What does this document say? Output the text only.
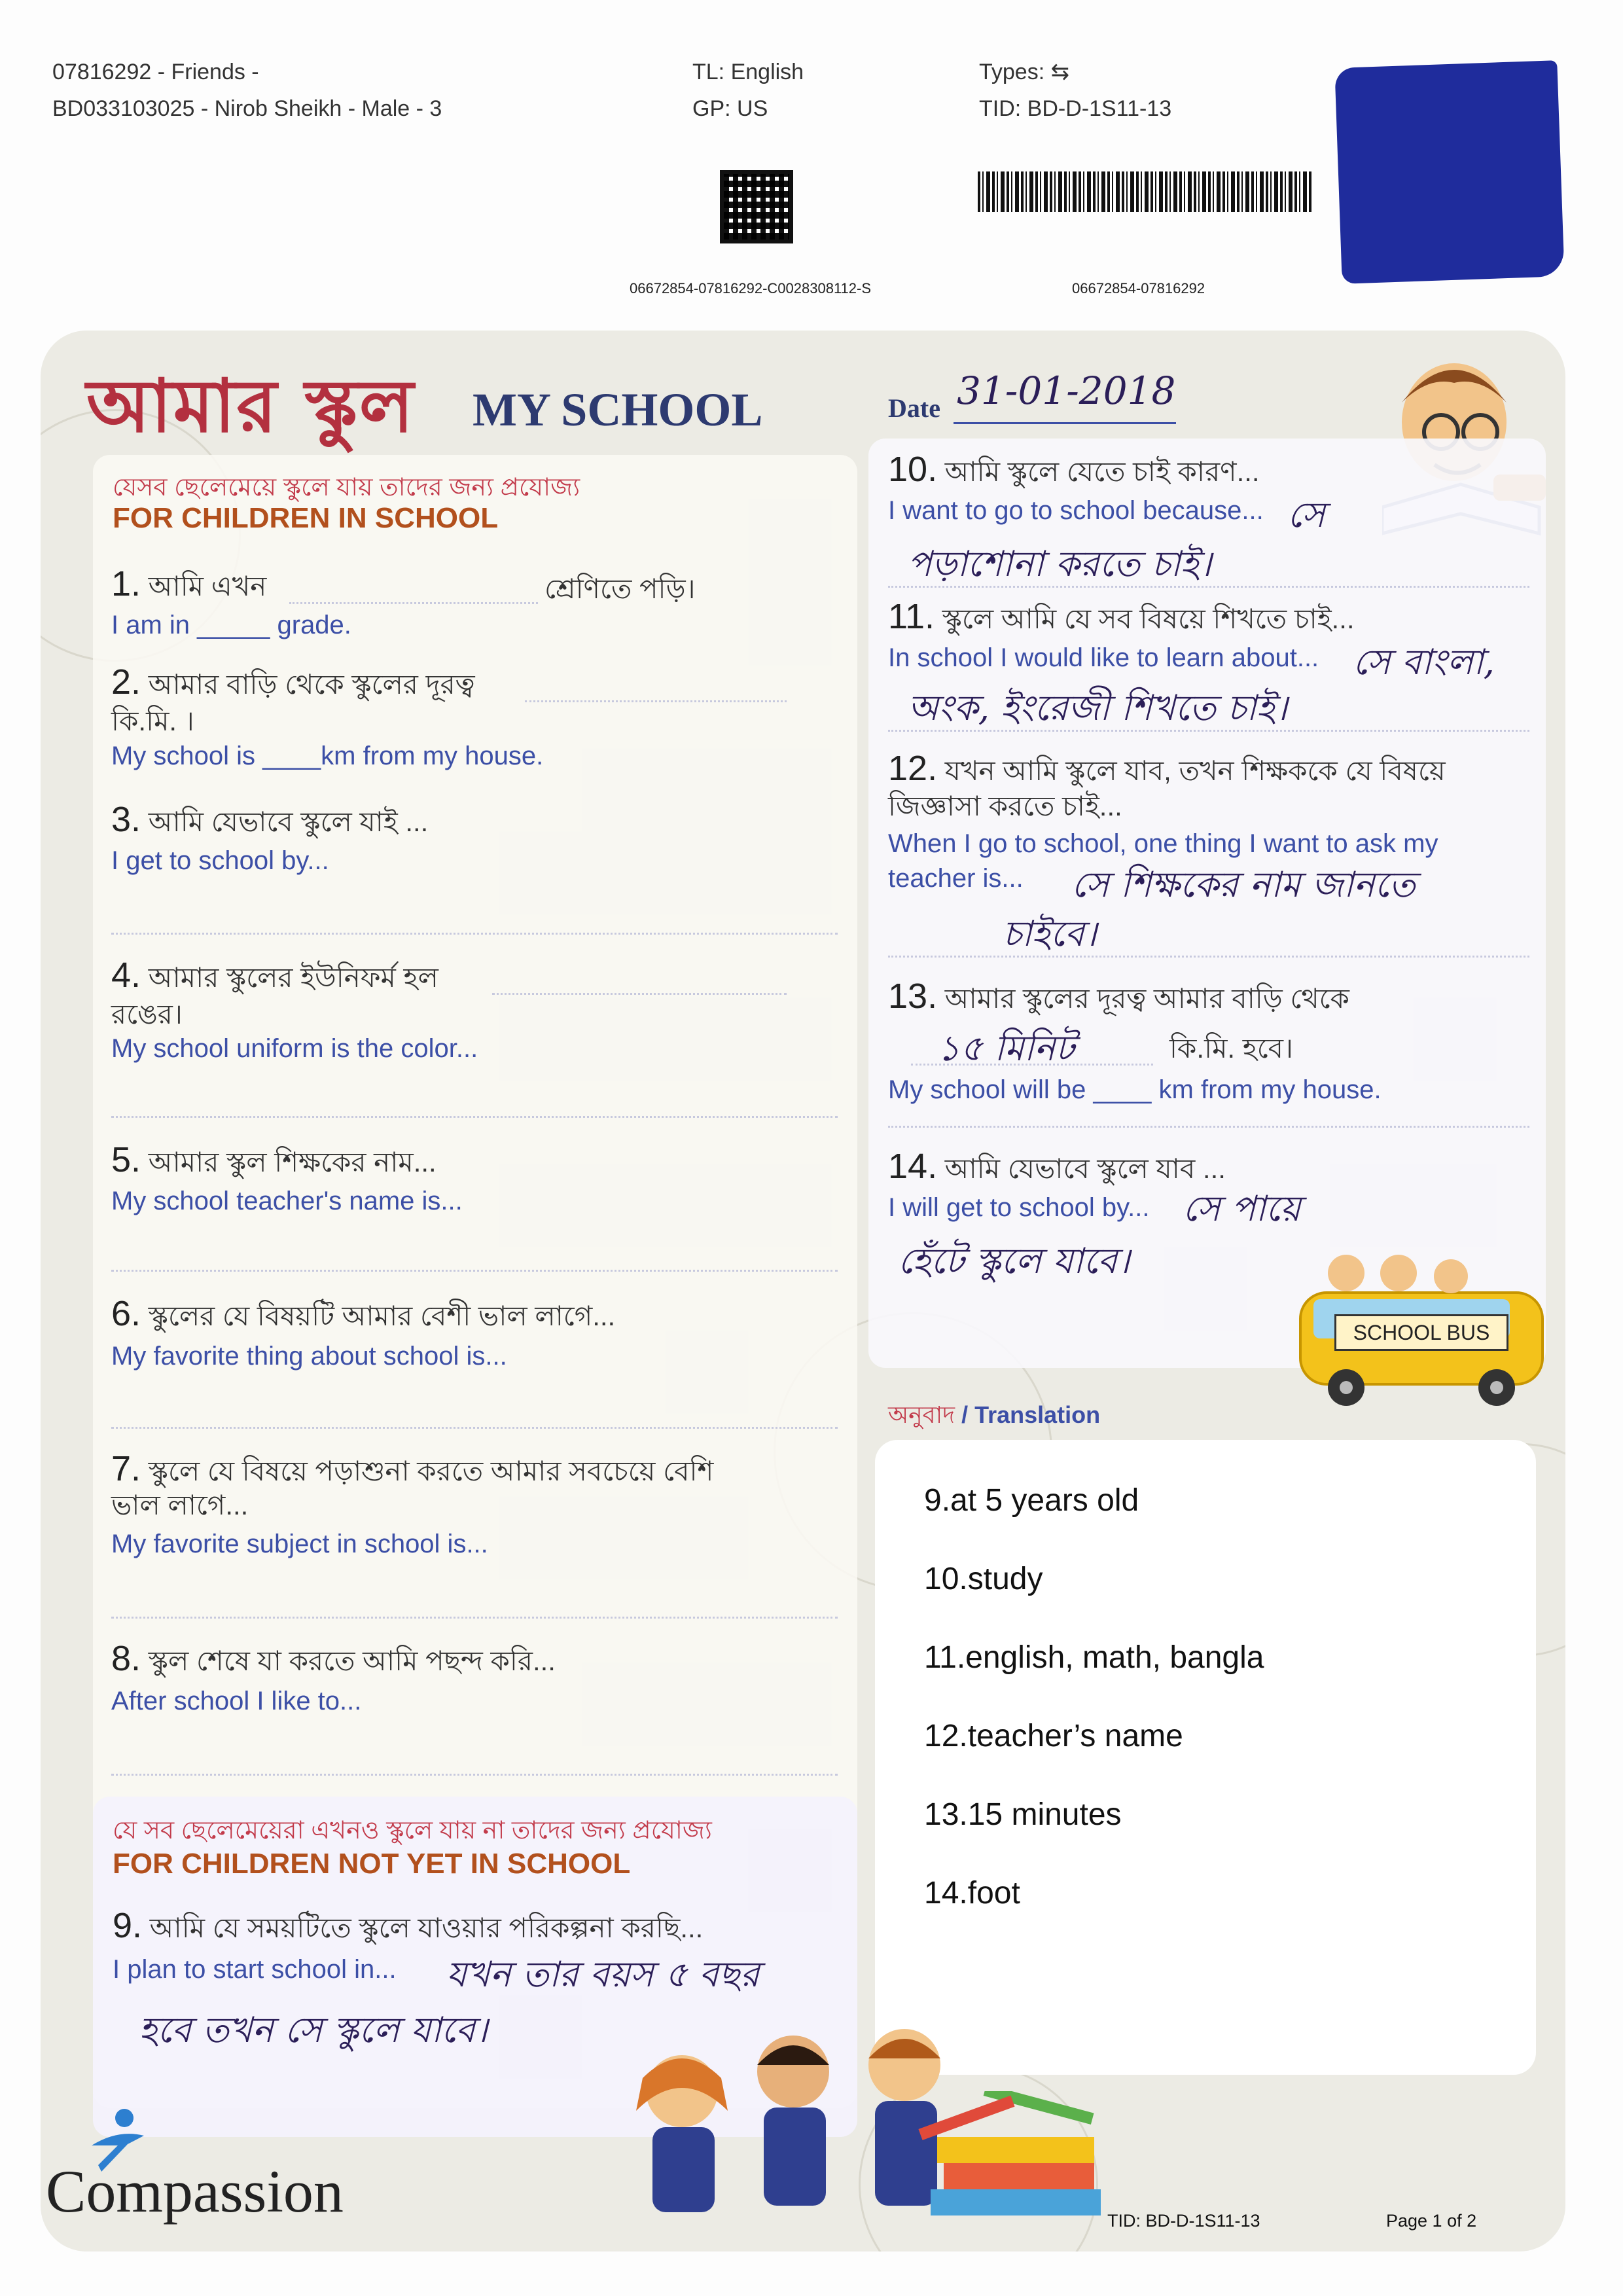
07816292 - Friends -
BD033103025 - Nirob Sheikh - Male - 3
TL: English
GP: US
Types: ⇆
TID: BD-D-1S11-13
06672854-07816292-C0028308112-S	06672854-07816292
আমার স্কুল MY SCHOOL	Date 31-01-2018
যেসব ছেলেমেয়ে স্কুলে যায় তাদের জন্য প্রযোজ্য
FOR CHILDREN IN SCHOOL
1. আমি এখন	শ্রেণিতে পড়ি।
I am in _____ grade.
2. আমার বাড়ি থেকে স্কুলের দূরত্ব
কি.মি. ।
My school is ____km from my house.
3. আমি যেভাবে স্কুলে যাই ...
I get to school by...
4. আমার স্কুলের ইউনিফর্ম হল
রঙের।
My school uniform is the color...
5. আমার স্কুল শিক্ষকের নাম...
My school teacher's name is...
6. স্কুলের যে বিষয়টি আমার বেশী ভাল লাগে...
My favorite thing about school is...
7. স্কুলে যে বিষয়ে পড়াশুনা করতে আমার সবচেয়ে বেশি
ভাল লাগে...
My favorite subject in school is...
8. স্কুল শেষে যা করতে আমি পছন্দ করি...
After school I like to...
যে সব ছেলেমেয়েরা এখনও স্কুলে যায় না তাদের জন্য প্রযোজ্য
FOR CHILDREN NOT YET IN SCHOOL
9. আমি যে সময়টিতে স্কুলে যাওয়ার পরিকল্পনা করছি...
I plan to start school in... যখন তার বয়স ৫ বছর
হবে তখন সে স্কুলে যাবে।
10. আমি স্কুলে যেতে চাই কারণ...
I want to go to school because... সে
পড়াশোনা করতে চাই।
11. স্কুলে আমি যে সব বিষয়ে শিখতে চাই...
In school I would like to learn about... সে বাংলা,
অংক, ইংরেজী শিখতে চাই।
12. যখন আমি স্কুলে যাব, তখন শিক্ষককে যে বিষয়ে
জিজ্ঞাসা করতে চাই...
When I go to school, one thing I want to ask my
teacher is... সে শিক্ষকের নাম জানতে
চাইবে।
13. আমার স্কুলের দূরত্ব আমার বাড়ি থেকে
১৫ মিনিট	কি.মি. হবে।
My school will be ____ km from my house.
14. আমি যেভাবে স্কুলে যাব ...
I will get to school by... সে পায়ে
হেঁটে স্কুলে যাবে।
SCHOOL BUS
অনুবাদ / Translation
9.at 5 years old
10.study
11.english, math, bangla
12.teacher’s name
13.15 minutes
14.foot
Compassion	TID: BD-D-1S11-13	Page 1 of 2
